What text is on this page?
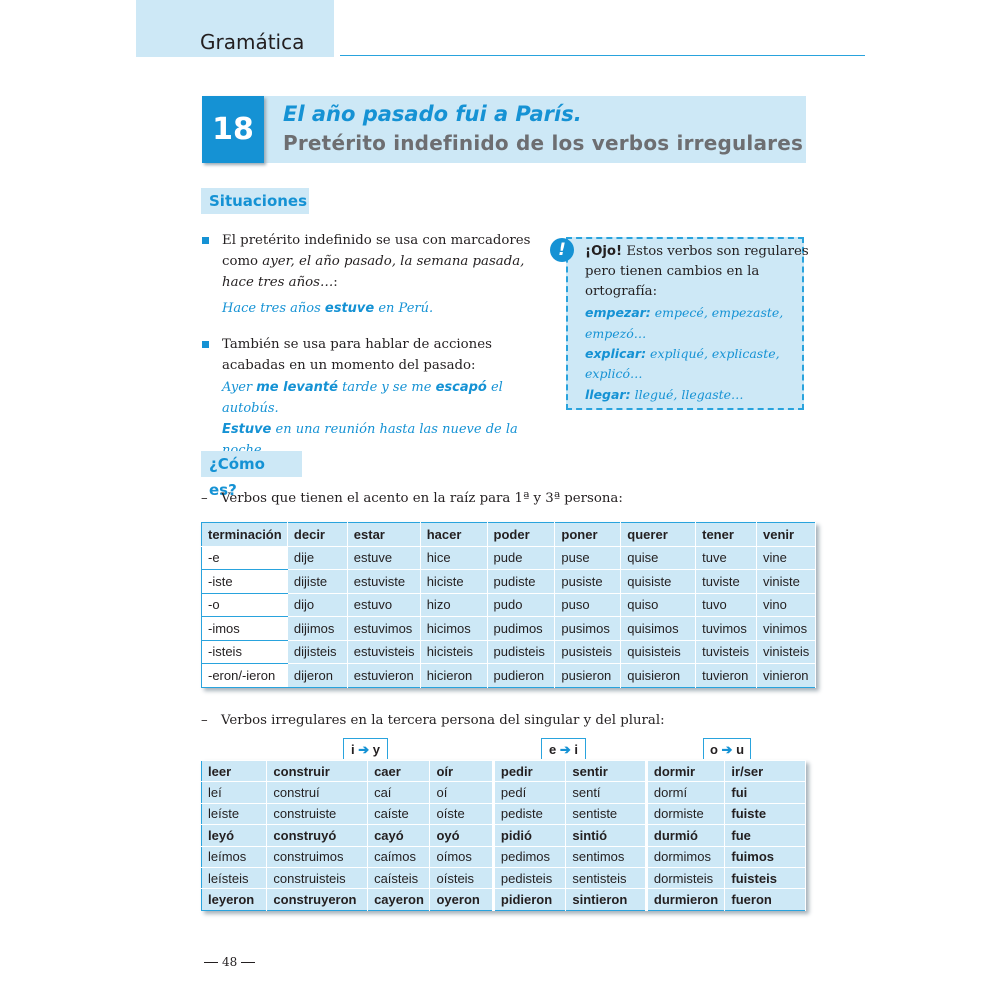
Gramática
18	El año pasado fui a París.
Pretérito indefinido de los verbos irregulares
Situaciones
El pretérito indefinido se usa con marcadores
como ayer, el año pasado, la semana pasada,
hace tres años…:
Hace tres años estuve en Perú.
También se usa para hablar de acciones
acabadas en un momento del pasado:
Ayer me levanté tarde y se me escapó el autobús.
Estuve en una reunión hasta las nueve de la
!	¡Ojo! Estos verbos son regulares
pero tienen cambios en la
ortografía:
empezar: empecé, empezaste,
empezó…
explicar: expliqué, explicaste,
explicó…
llegar: llegué, llegaste…
¿Cómo es?
– Verbos que tienen el acento en la raíz para 1ª y 3ª persona:
terminación	decir	estar	hacer	poder	poner	querer	tener	venir
-e	dije	estuve	hice	pude	puse	quise	tuve	vine
-iste	dijiste	estuviste	hiciste	pudiste	pusiste	quisiste	tuviste	viniste
-o	dijo	estuvo	hizo	pudo	puso	quiso	tuvo	vino
-imos	dijimos	estuvimos	hicimos	pudimos	pusimos	quisimos	tuvimos	vinimos
-isteis	dijisteis	estuvisteis	hicisteis	pudisteis	pusisteis	quisisteis	tuvisteis	vinisteis
-eron/-ieron	dijeron	estuvieron	hicieron	pudieron	pusieron	quisieron	tuvieron	vinieron
– Verbos irregulares en la tercera persona del singular y del plural:
i ➔ y	e ➔ i	o ➔ u
leer	construir	caer	oír	pedir	sentir	dormir	ir/ser
leí	construí	caí	oí	pedí	sentí	dormí	fui
leíste	construiste	caíste	oíste	pediste	sentiste	dormiste	fuiste
leyó	construyó	cayó	oyó	pidió	sintió	durmió	fue
leímos	construimos	caímos	oímos	pedimos	sentimos	dormimos	fuimos
leísteis	construisteis	caísteis	oísteis	pedisteis	sentisteis	dormisteis	fuisteis
leyeron	construyeron	cayeron	oyeron	pidieron	sintieron	durmieron	fueron
48
